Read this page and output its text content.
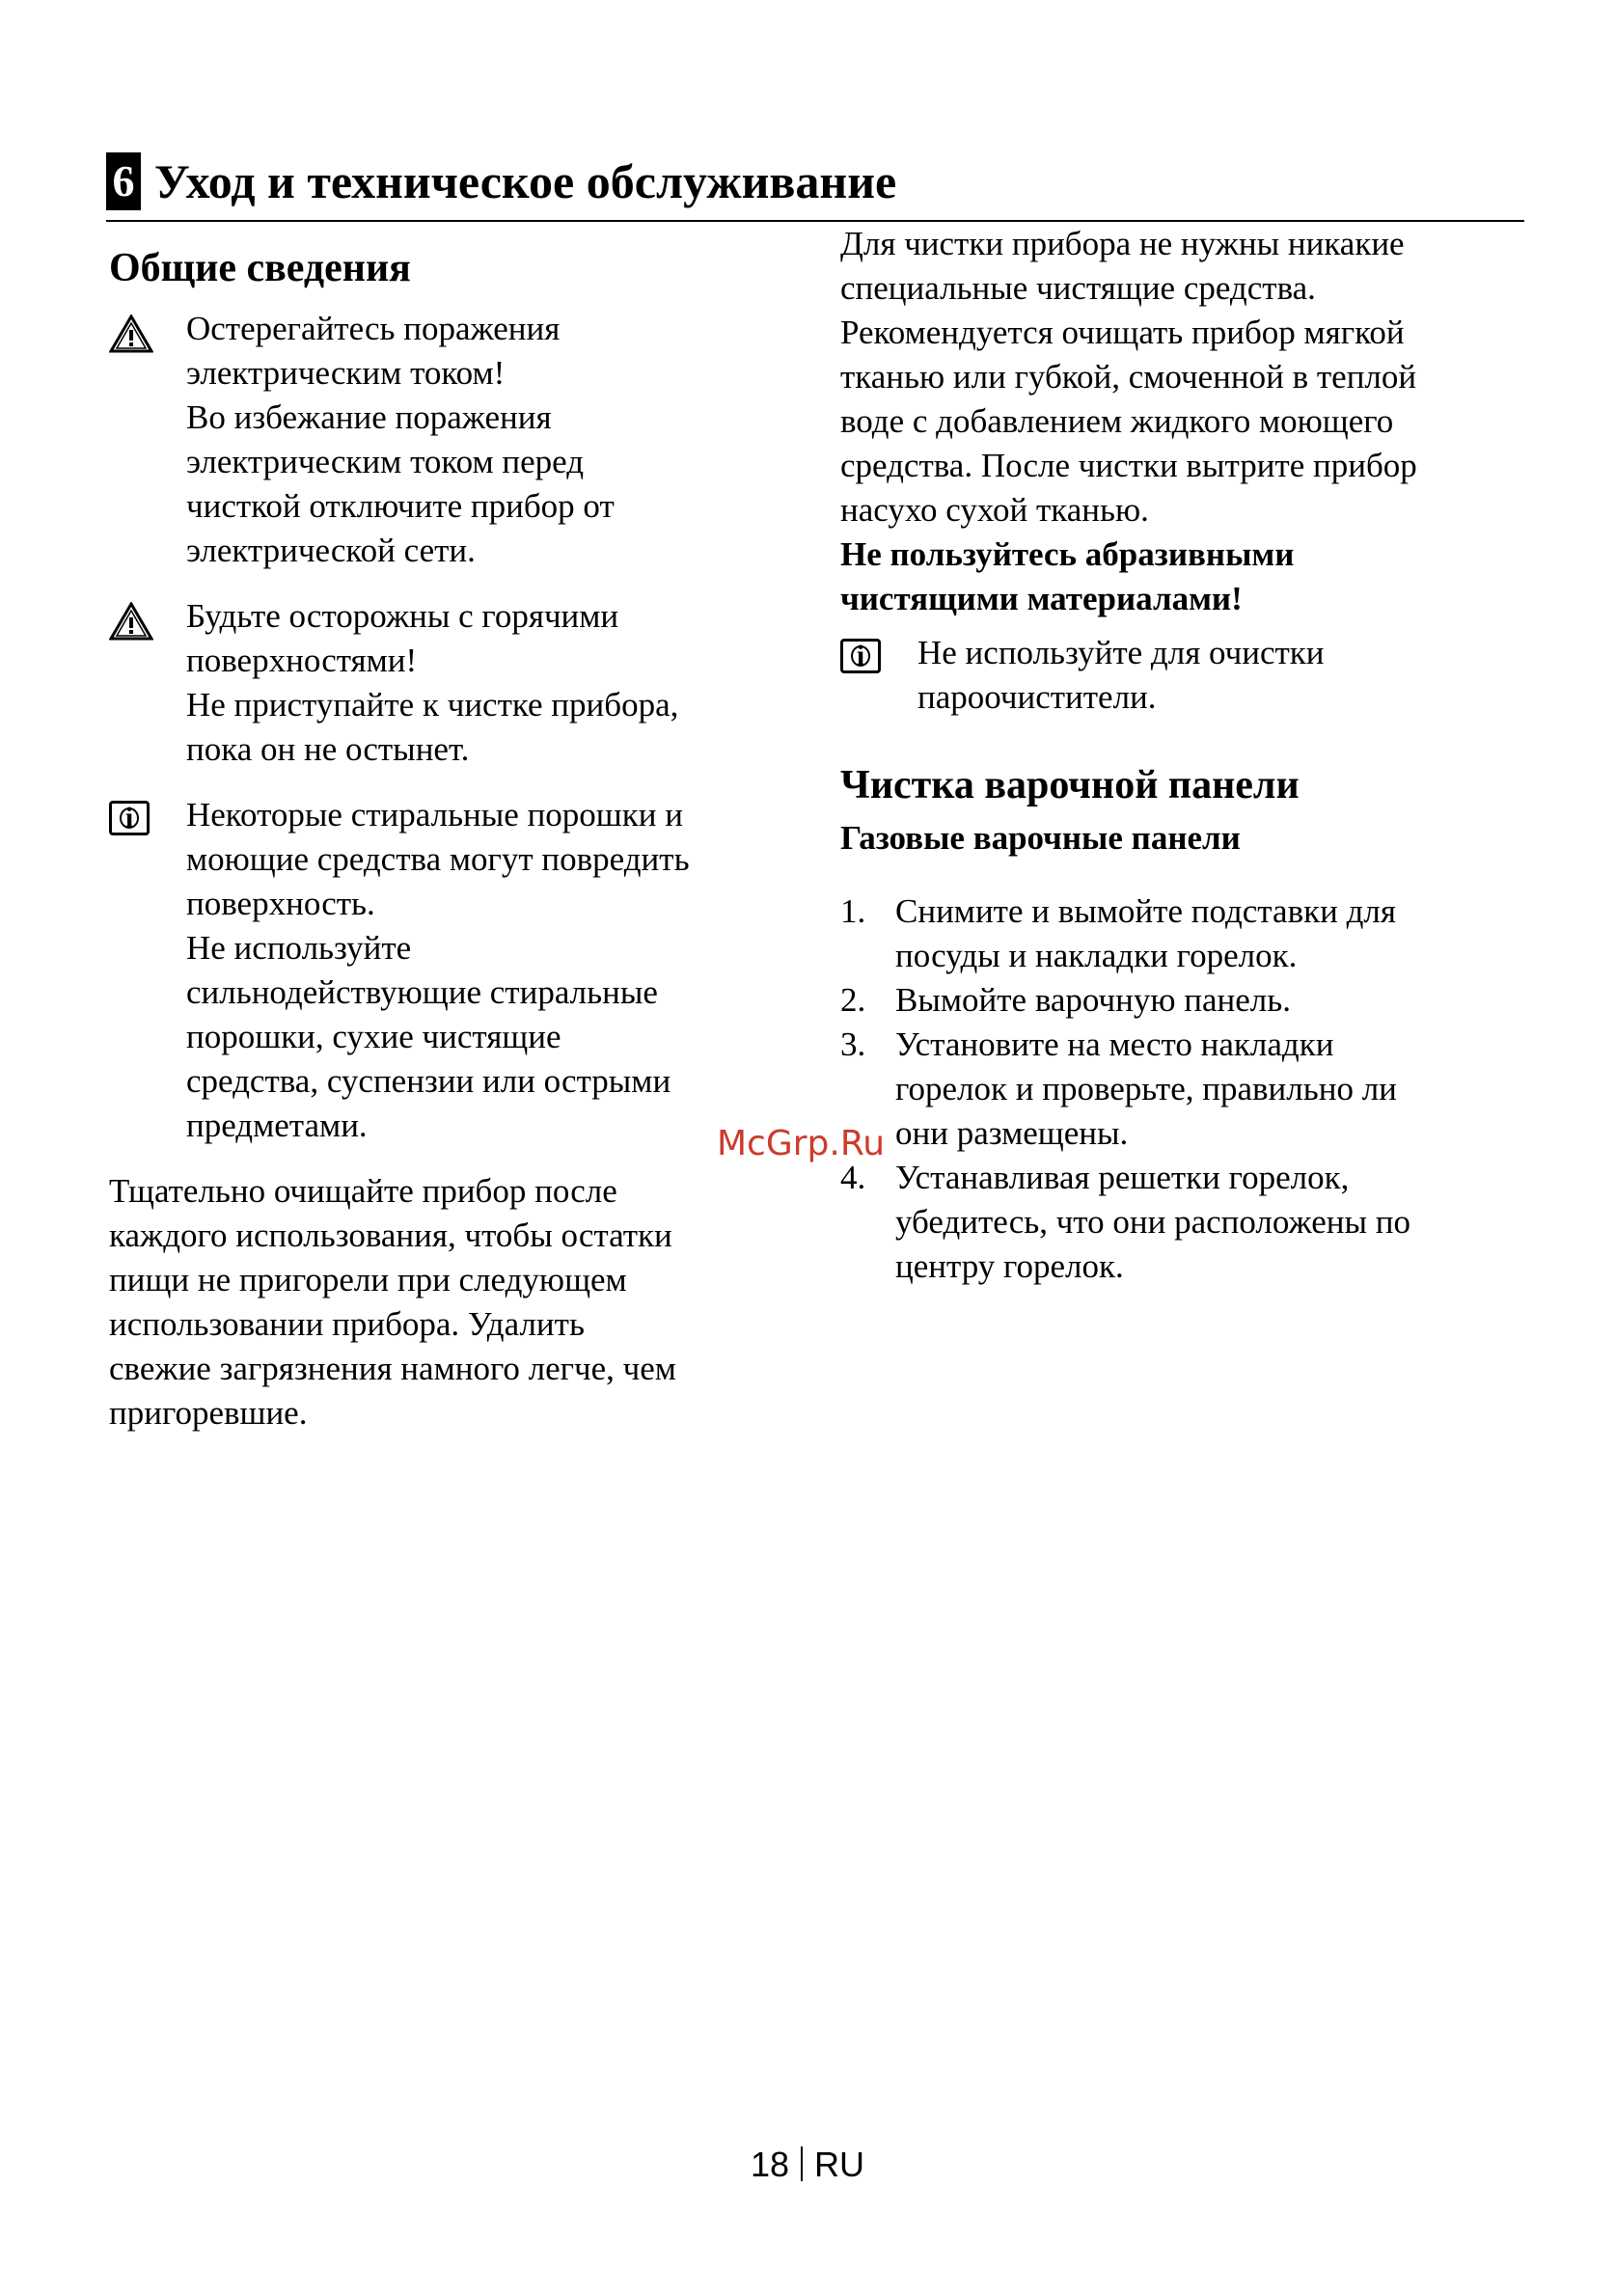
6 Уход и техническое обслуживание
Общие сведения
Остерегайтесь поражения
электрическим током!
Во избежание поражения
электрическим током перед
чисткой отключите прибор от
электрической сети.
Будьте осторожны с горячими
поверхностями!
Не приступайте к чистке прибора,
пока он не остынет.
i	Некоторые стиральные порошки и
моющие средства могут повредить
поверхность.
Не используйте
сильнодействующие стиральные
порошки, сухие чистящие
средства, суспензии или острыми
предметами.
Тщательно очищайте прибор после
каждого использования, чтобы остатки
пищи не пригорели при следующем
использовании прибора. Удалить
свежие загрязнения намного легче, чем
пригоревшие.
Для чистки прибора не нужны никакие
специальные чистящие средства.
Рекомендуется очищать прибор мягкой
тканью или губкой, смоченной в теплой
воде с добавлением жидкого моющего
средства. После чистки вытрите прибор
насухо сухой тканью.
Не пользуйтесь абразивными
чистящими материалами!
i	Не используйте для очистки
пароочистители.
Чистка варочной панели
Газовые варочные панели
1. Снимите и вымойте подставки для
посуды и накладки горелок.
2. Вымойте варочную панель.
3. Установите на место накладки
горелок и проверьте, правильно ли
они размещены.
4. Устанавливая решетки горелок,
убедитесь, что они расположены по
центру горелок.
McGrp.Ru
18 RU
